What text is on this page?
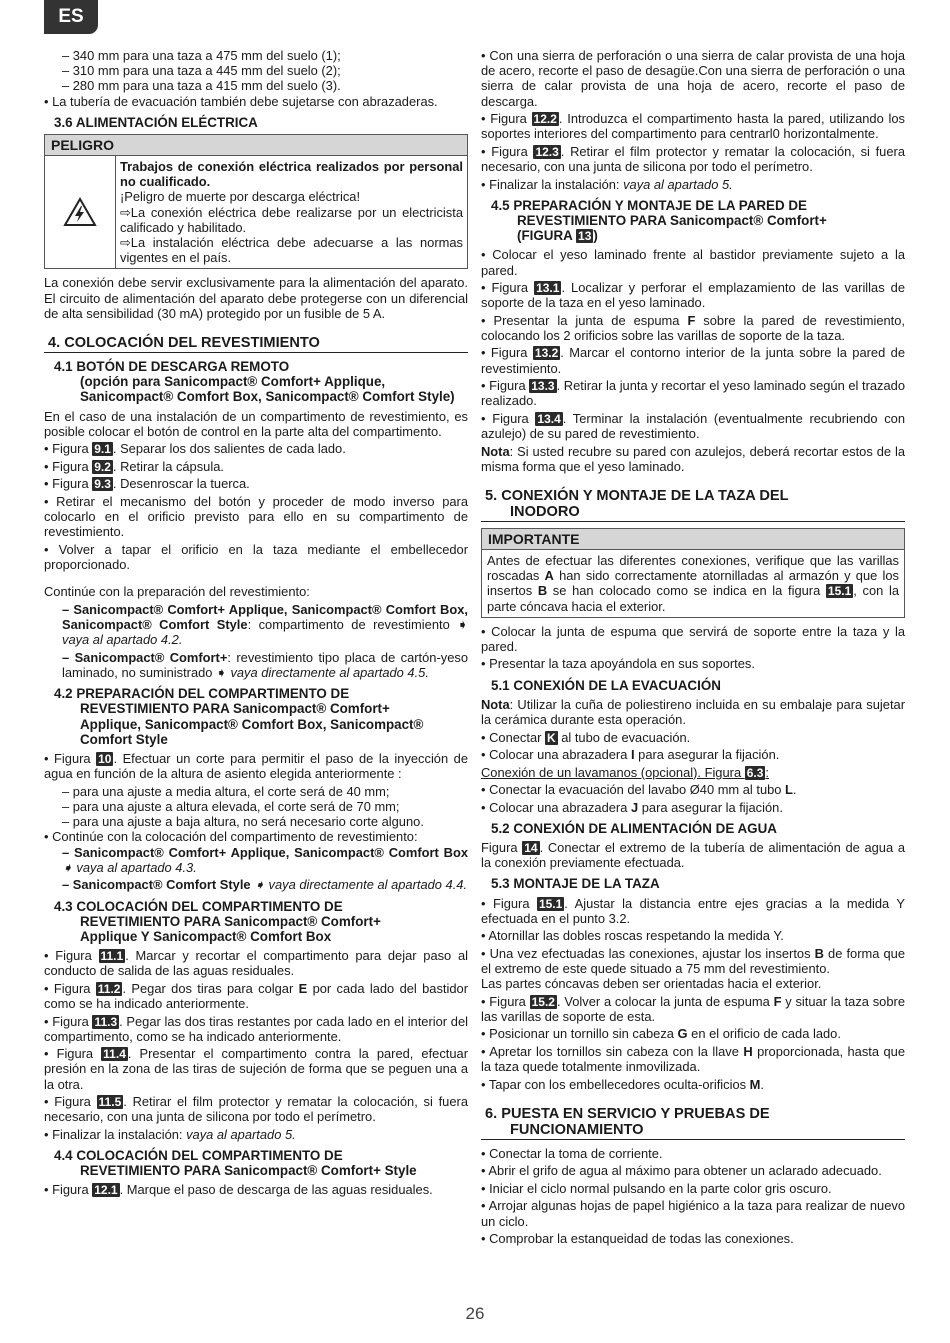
ES

– 340 mm para una taza a 475 mm del suelo (1);

– 310 mm para una taza a 445 mm del suelo (2);

– 280 mm para una taza a 415 mm del suelo (3).

• La tubería de evacuación también debe sujetarse con abrazaderas.

3.6 ALIMENTACIÓN ELÉCTRICA
PELIGRO

Trabajos de conexión eléctrica realizados por personal no cualificado.

¡Peligro de muerte por descarga eléctrica!

⇨La conexión eléctrica debe realizarse por un electricista calificado y habilitado.

⇨La instalación eléctrica debe adecuarse a las normas vigentes en el país.

La conexión debe servir exclusivamente para la alimentación del aparato. El circuito de alimentación del aparato debe protegerse con un diferencial de alta sensibilidad (30 mA) protegido por un fusible de 5 A.

4. COLOCACIÓN DEL REVESTIMIENTO
4.1 BOTÓN DE DESCARGA REMOTO
(opción para Sanicompact® Comfort+ Applique,
Sanicompact® Comfort Box, Sanicompact® Comfort Style)

En el caso de una instalación de un compartimento de revestimiento, es posible colocar el botón de control en la parte alta del compartimento.

• Figura 9.1 . Separar los dos salientes de cada lado.

• Figura 9.2 . Retirar la cápsula.

• Figura 9.3 . Desenroscar la tuerca.

• Retirar el mecanismo del botón y proceder de modo inverso para colocarlo en el orificio previsto para ello en su compartimento de revestimiento.

• Volver a tapar el orificio en la taza mediante el embellecedor proporcionado.

Continúe con la preparación del revestimiento:

– Sanicompact® Comfort+ Applique, Sanicompact® Comfort Box, Sanicompact® Comfort Style: compartimento de revestimiento ➧ vaya al apartado 4.2.

– Sanicompact® Comfort+: revestimiento tipo placa de cartón-yeso laminado, no suministrado ➧ vaya directamente al apartado 4.5.

4.2 PREPARACIÓN DEL COMPARTIMENTO DE
REVESTIMIENTO PARA Sanicompact® Comfort+
Applique, Sanicompact® Comfort Box, Sanicompact®
Comfort Style

• Figura 10 . Efectuar un corte para permitir el paso de la inyección de agua en función de la altura de asiento elegida anteriormente :

– para una ajuste a media altura, el corte será de 40 mm;

– para una ajuste a altura elevada, el corte será de 70 mm;

– para una ajuste a baja altura, no será necesario corte alguno.

• Continúe con la colocación del compartimento de revestimiento:

– Sanicompact® Comfort+ Applique, Sanicompact® Comfort Box ➧ vaya al apartado 4.3.

– Sanicompact® Comfort Style ➧ vaya directamente al apartado 4.4.

4.3 COLOCACIÓN DEL COMPARTIMENTO DE
REVETIMIENTO PARA Sanicompact® Comfort+
Applique Y Sanicompact® Comfort Box

• Figura 11.1 . Marcar y recortar el compartimento para dejar paso al conducto de salida de las aguas residuales.

• Figura 11.2 . Pegar dos tiras para colgar E por cada lado del bastidor como se ha indicado anteriormente.

• Figura 11.3 . Pegar las dos tiras restantes por cada lado en el interior del compartimento, como se ha indicado anteriormente.

• Figura 11.4 . Presentar el compartimento contra la pared, efectuar presión en la zona de las tiras de sujeción de forma que se peguen una a la otra.

• Figura 11.5 . Retirar el film protector y rematar la colocación, si fuera necesario, con una junta de silicona por todo el perímetro.

• Finalizar la instalación: vaya al apartado 5.

4.4 COLOCACIÓN DEL COMPARTIMENTO DE
REVETIMIENTO PARA Sanicompact® Comfort+ Style

• Figura 12.1 . Marque el paso de descarga de las aguas residuales.

• Con una sierra de perforación o una sierra de calar provista de una hoja de acero, recorte el paso de desagüe.Con una sierra de perforación o una sierra de calar provista de una hoja de acero, recorte el paso de descarga.

• Figura 12.2 . Introduzca el compartimento hasta la pared, utilizando los soportes interiores del compartimento para centrarl0 horizontalmente.

• Figura 12.3 . Retirar el film protector y rematar la colocación, si fuera necesario, con una junta de silicona por todo el perímetro.

• Finalizar la instalación: vaya al apartado 5.

4.5 PREPARACIÓN Y MONTAJE DE LA PARED DE
REVESTIMIENTO PARA Sanicompact® Comfort+
(FIGURA 13 )

• Colocar el yeso laminado frente al bastidor previamente sujeto a la pared.

• Figura 13.1 . Localizar y perforar el emplazamiento de las varillas de soporte de la taza en el yeso laminado.

• Presentar la junta de espuma F sobre la pared de revestimiento, colocando los 2 orificios sobre las varillas de soporte de la taza.

• Figura 13.2 . Marcar el contorno interior de la junta sobre la pared de revestimiento.

• Figura 13.3 . Retirar la junta y recortar el yeso laminado según el trazado realizado.

• Figura 13.4 . Terminar la instalación (eventualmente recubriendo con azulejo) de su pared de revestimiento.

Nota: Si usted recubre su pared con azulejos, deberá recortar estos de la misma forma que el yeso laminado.

5. CONEXIÓN Y MONTAJE DE LA TAZA DEL
INODORO
IMPORTANTE

Antes de efectuar las diferentes conexiones, verifique que las varillas roscadas A han sido correctamente atornilladas al armazón y que los insertos B se han colocado como se indica en la figura 15.1 , con la parte cóncava hacia el exterior.

• Colocar la junta de espuma que servirá de soporte entre la taza y la pared.

• Presentar la taza apoyándola en sus soportes.

5.1 CONEXIÓN DE LA EVACUACIÓN

Nota: Utilizar la cuña de poliestireno incluida en su embalaje para sujetar la cerámica durante esta operación.

• Conectar K al tubo de evacuación.

• Colocar una abrazadera I para asegurar la fijación.

Conexión de un lavamanos (opcional). Figura 6.3 :

• Conectar la evacuación del lavabo Ø40 mm al tubo L.

• Colocar una abrazadera J para asegurar la fijación.

5.2 CONEXIÓN DE ALIMENTACIÓN DE AGUA

Figura 14 . Conectar el extremo de la tubería de alimentación de agua a la conexión previamente efectuada.

5.3 MONTAJE DE LA TAZA

• Figura 15.1 . Ajustar la distancia entre ejes gracias a la medida Y efectuada en el punto 3.2.

• Atornillar las dobles roscas respetando la medida Y.

• Una vez efectuadas las conexiones, ajustar los insertos B de forma que el extremo de este quede situado a 75 mm del revestimiento.

Las partes cóncavas deben ser orientadas hacia el exterior.

• Figura 15.2 . Volver a colocar la junta de espuma F y situar la taza sobre las varillas de soporte de esta.

• Posicionar un tornillo sin cabeza G en el orificio de cada lado.

• Apretar los tornillos sin cabeza con la llave H proporcionada, hasta que la taza quede totalmente inmovilizada.

• Tapar con los embellecedores oculta-orificios M.

6. PUESTA EN SERVICIO Y PRUEBAS DE
FUNCIONAMIENTO

• Conectar la toma de corriente.

• Abrir el grifo de agua al máximo para obtener un aclarado adecuado.

• Iniciar el ciclo normal pulsando en la parte color gris oscuro.

• Arrojar algunas hojas de papel higiénico a la taza para realizar de nuevo un ciclo.

• Comprobar la estanqueidad de todas las conexiones.

26
